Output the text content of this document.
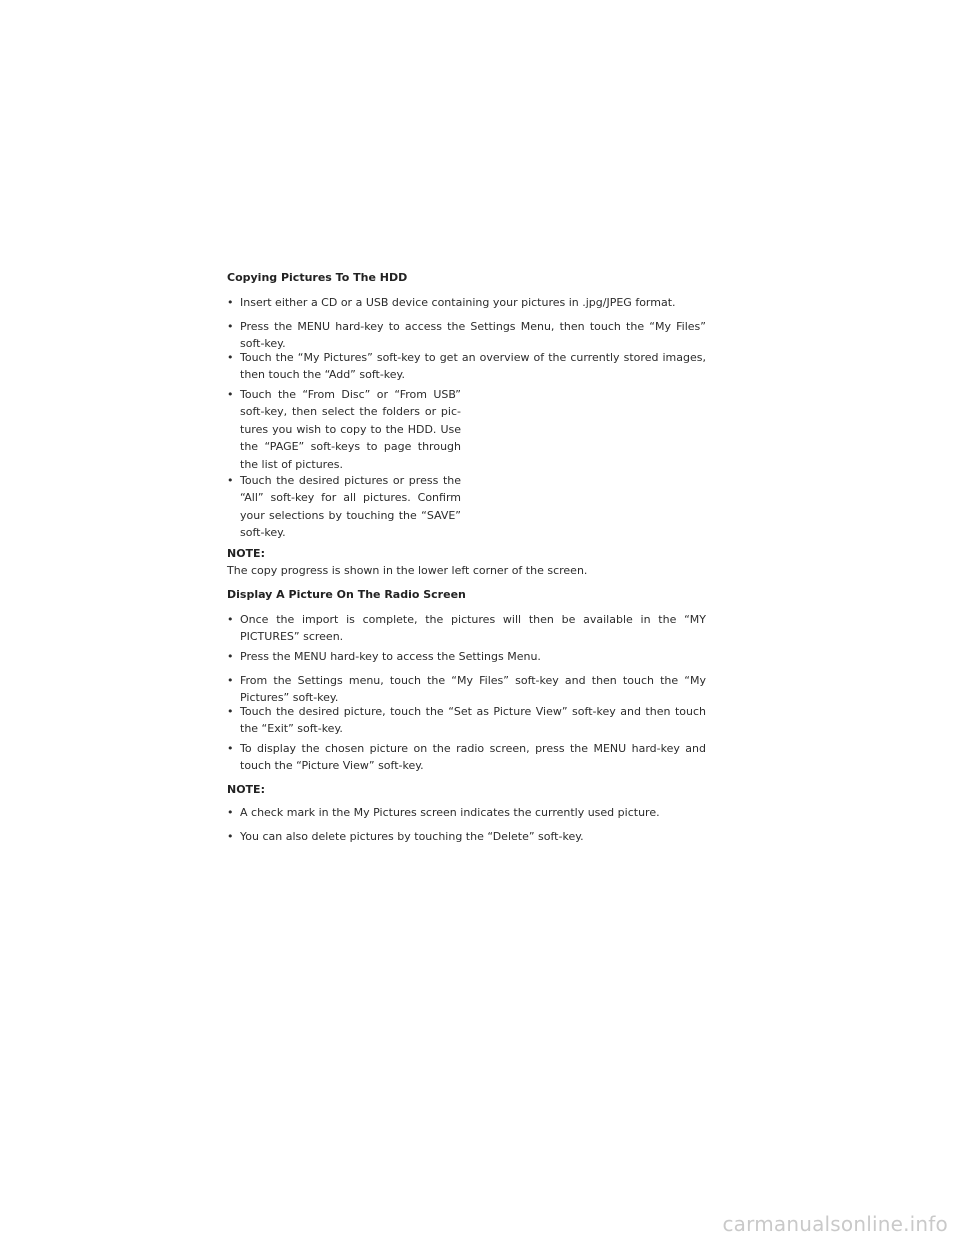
Copying Pictures To The HDD
• Insert either a CD or a USB device containing your pictures in .jpg/JPEG format.
• Press the MENU hard-key to access the Settings Menu, then touch the “My Files” soft-key.
• Touch the “My Pictures” soft-key to get an overview of the currently stored images, then touch the “Add” soft-key.
• Touch the “From Disc” or “From USB” soft-key, then select the folders or pic-tures you wish to copy to the HDD. Use the “PAGE” soft-keys to page through the list of pictures.
• Touch the desired pictures or press the “All” soft-key for all pictures. Confirm your selections by touching the “SAVE” soft-key.
NOTE:
The copy progress is shown in the lower left corner of the screen.
Display A Picture On The Radio Screen
• Once the import is complete, the pictures will then be available in the “MY PICTURES” screen.
• Press the MENU hard-key to access the Settings Menu.
• From the Settings menu, touch the “My Files” soft-key and then touch the “My Pictures” soft-key.
• Touch the desired picture, touch the “Set as Picture View” soft-key and then touch the “Exit” soft-key.
• To display the chosen picture on the radio screen, press the MENU hard-key and touch the “Picture View” soft-key.
NOTE:
• A check mark in the My Pictures screen indicates the currently used picture.
• You can also delete pictures by touching the “Delete” soft-key.
carmanualsonline.info
